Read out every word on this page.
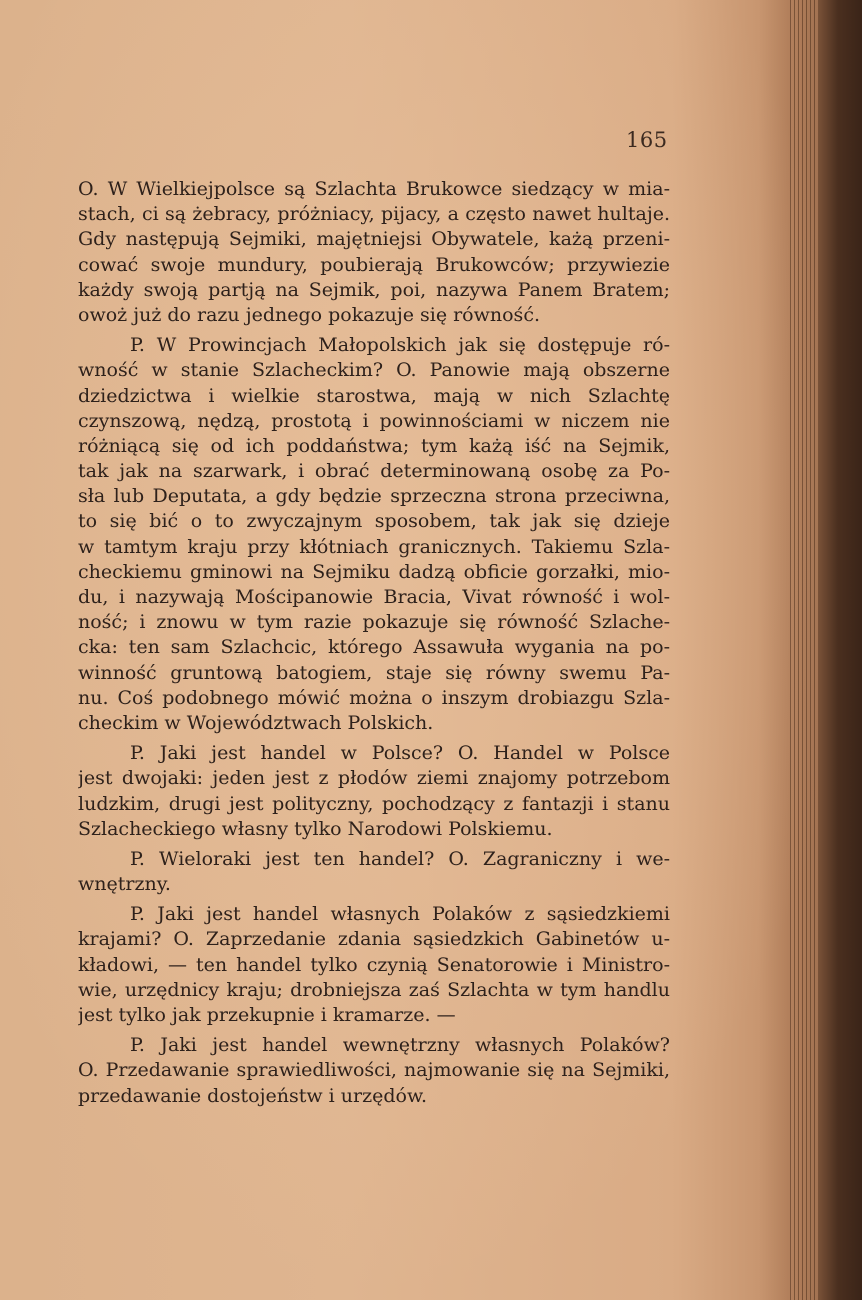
165
O. W Wielkiejpolsce są Szlachta Brukowce siedzący w mia-
stach, ci są żebracy, próżniacy, pijacy, a często nawet hultaje.
Gdy następują Sejmiki, majętniejsi Obywatele, każą przeni-
cować swoje mundury, poubierają Brukowców; przywiezie
każdy swoją partją na Sejmik, poi, nazywa Panem Bratem;
owoż już do razu jednego pokazuje się równość.
P. W Prowincjach Małopolskich jak się dostępuje ró-
wność w stanie Szlacheckim? O. Panowie mają obszerne
dziedzictwa i wielkie starostwa, mają w nich Szlachtę
czynszową, nędzą, prostotą i powinnościami w niczem nie
różniącą się od ich poddaństwa; tym każą iść na Sejmik,
tak jak na szarwark, i obrać determinowaną osobę za Po-
sła lub Deputata, a gdy będzie sprzeczna strona przeciwna,
to się bić o to zwyczajnym sposobem, tak jak się dzieje
w tamtym kraju przy kłótniach granicznych. Takiemu Szla-
checkiemu gminowi na Sejmiku dadzą obficie gorzałki, mio-
du, i nazywają Mościpanowie Bracia, Vivat równość i wol-
ność; i znowu w tym razie pokazuje się równość Szlache-
cka: ten sam Szlachcic, którego Assawuła wygania na po-
winność gruntową batogiem, staje się równy swemu Pa-
nu. Coś podobnego mówić można o inszym drobiazgu Szla-
checkim w Województwach Polskich.
P. Jaki jest handel w Polsce? O. Handel w Polsce
jest dwojaki: jeden jest z płodów ziemi znajomy potrzebom
ludzkim, drugi jest polityczny, pochodzący z fantazji i stanu
Szlacheckiego własny tylko Narodowi Polskiemu.
P. Wieloraki jest ten handel? O. Zagraniczny i we-
wnętrzny.
P. Jaki jest handel własnych Polaków z sąsiedzkiemi
krajami? O. Zaprzedanie zdania sąsiedzkich Gabinetów u-
kładowi, — ten handel tylko czynią Senatorowie i Ministro-
wie, urzędnicy kraju; drobniejsza zaś Szlachta w tym handlu
jest tylko jak przekupnie i kramarze. —
P. Jaki jest handel wewnętrzny własnych Polaków?
O. Przedawanie sprawiedliwości, najmowanie się na Sejmiki,
przedawanie dostojeństw i urzędów.
